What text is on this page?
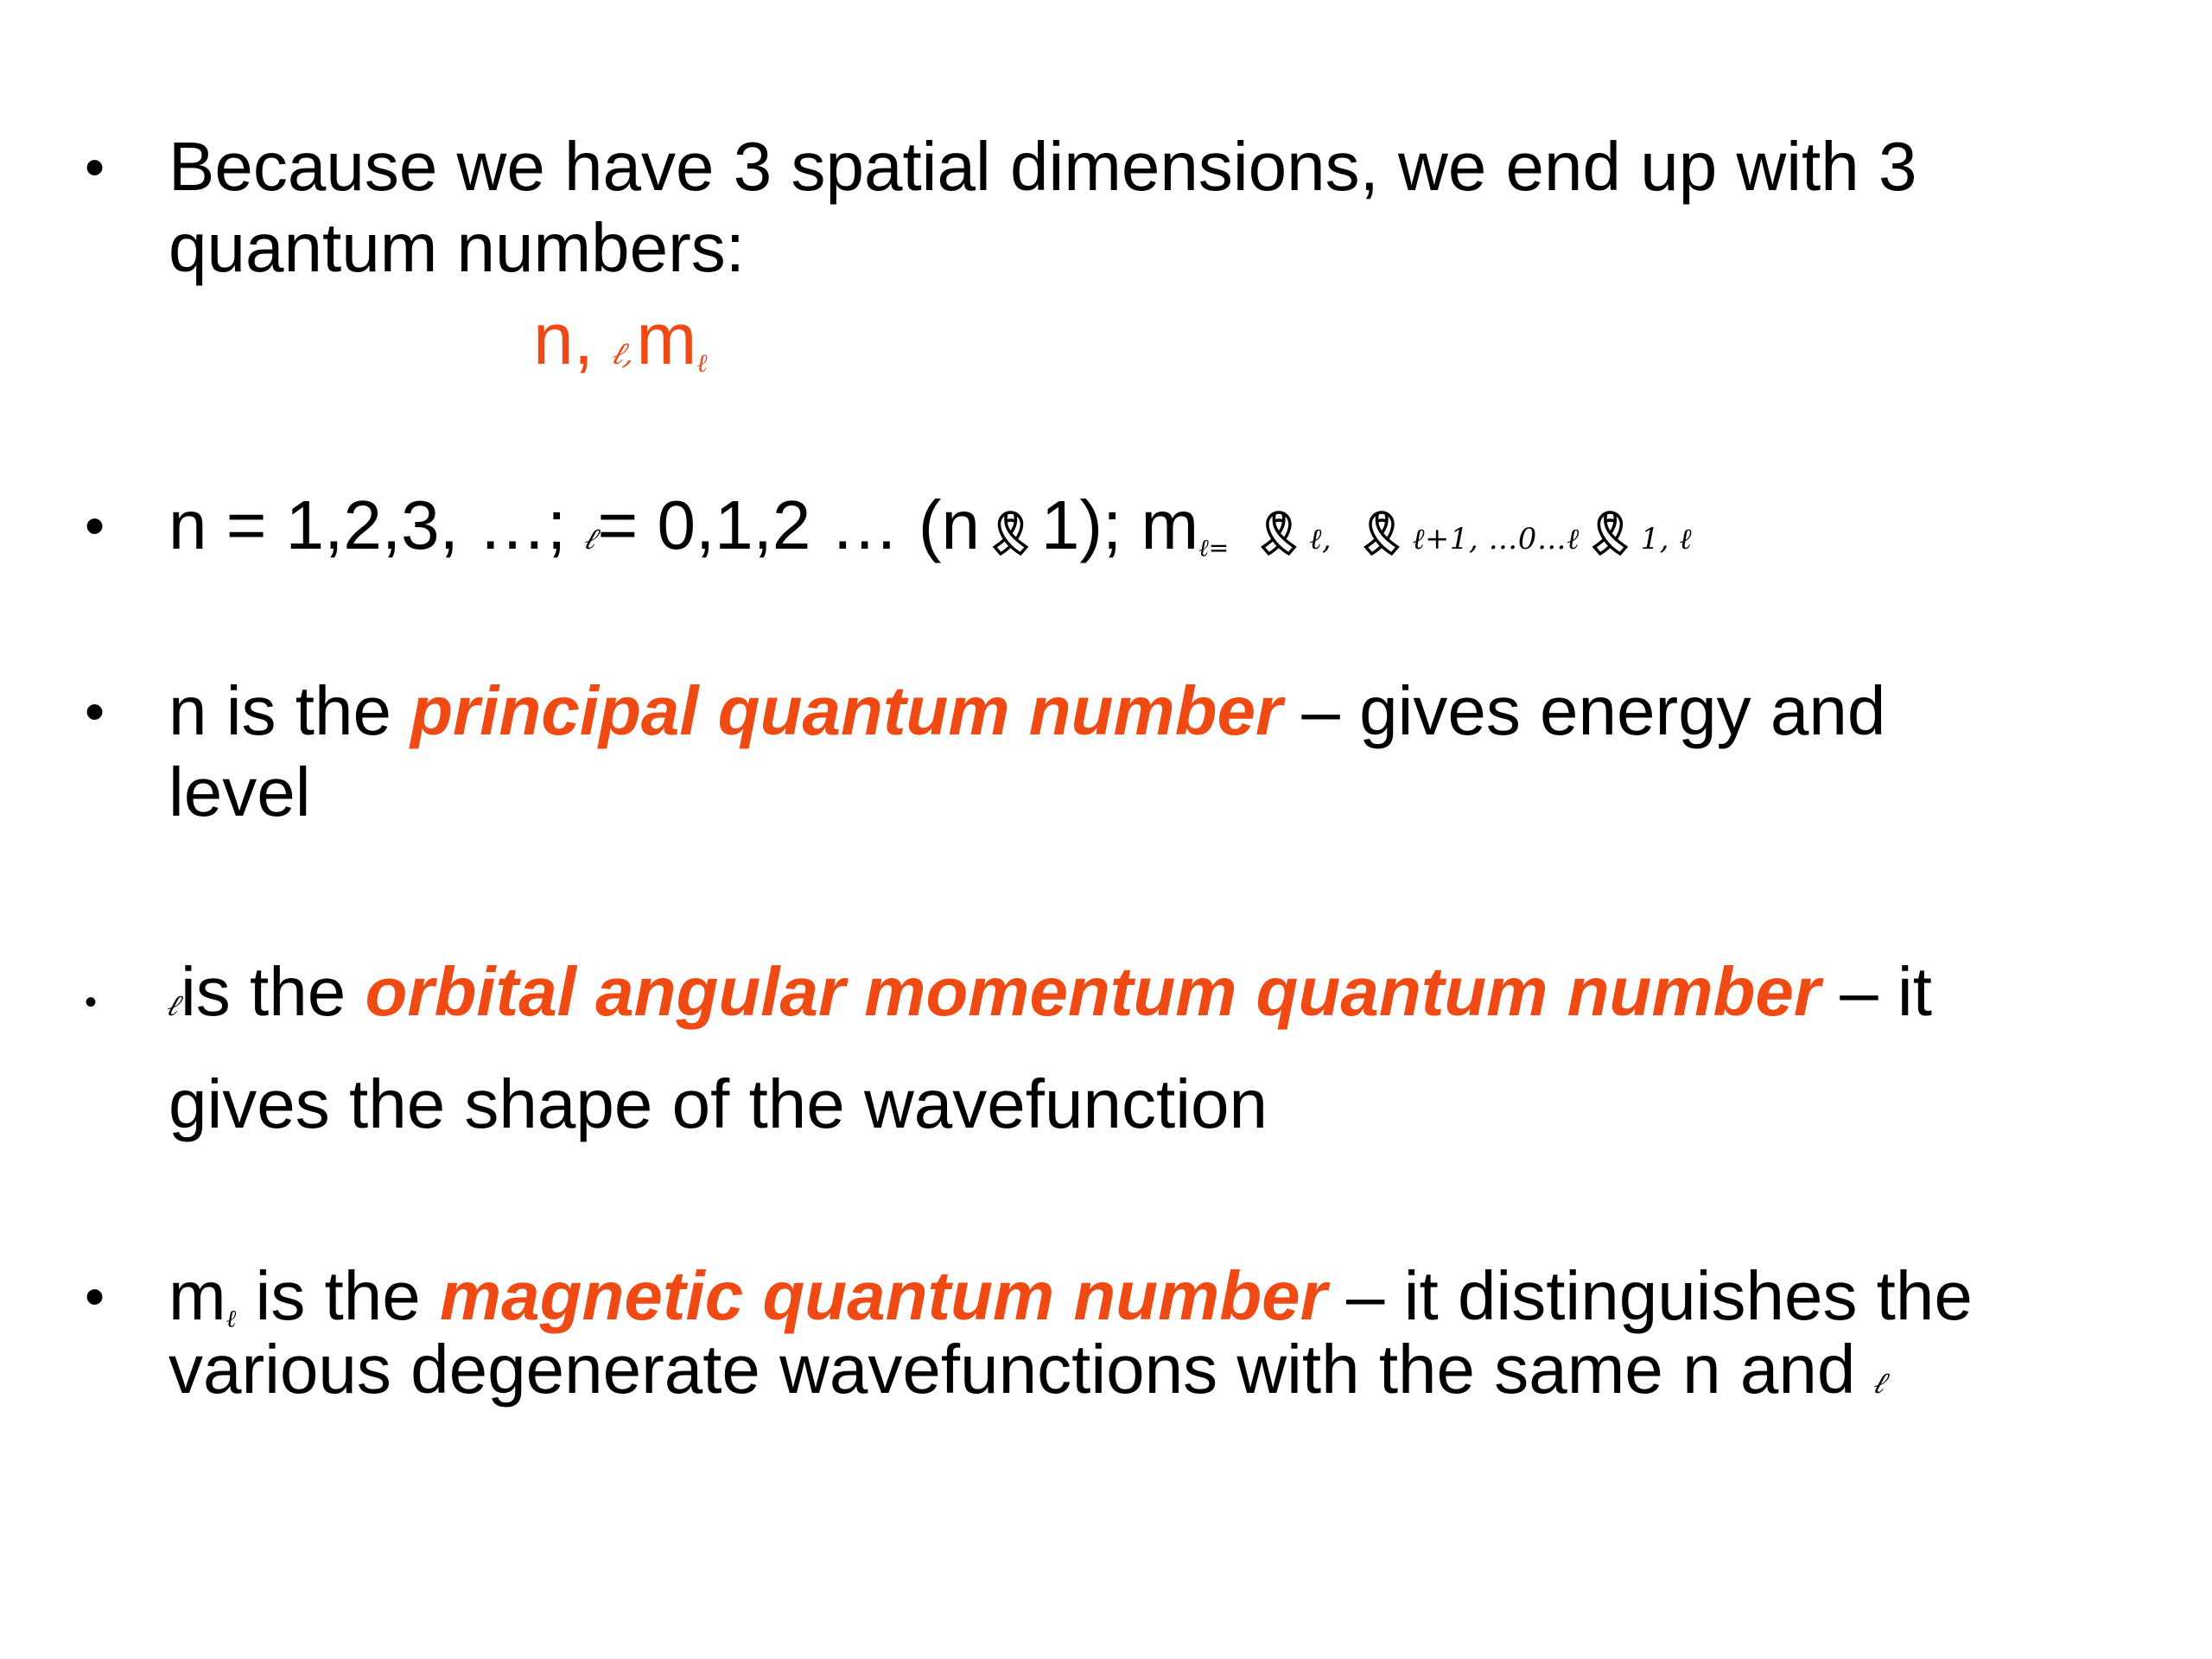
• Because we have 3 spatial dimensions, we end up with 3
quantum numbers:
n, $\ell,m_\ell$
• n = 1,2,3, …; ℓ= 0,1,2 … (n🎗1); $m_{\ell=}$ 🎗 ℓ, 🎗 ℓ+1, …0…ℓ🎗 1, ℓ
• n is the principal quantum number – gives energy and
level
• ℓis the orbital angular momentum quantum number – it
gives the shape of the wavefunction
• $m_\ell$ is the magnetic quantum number – it distinguishes the
various degenerate wavefunctions with the same n and ℓ
